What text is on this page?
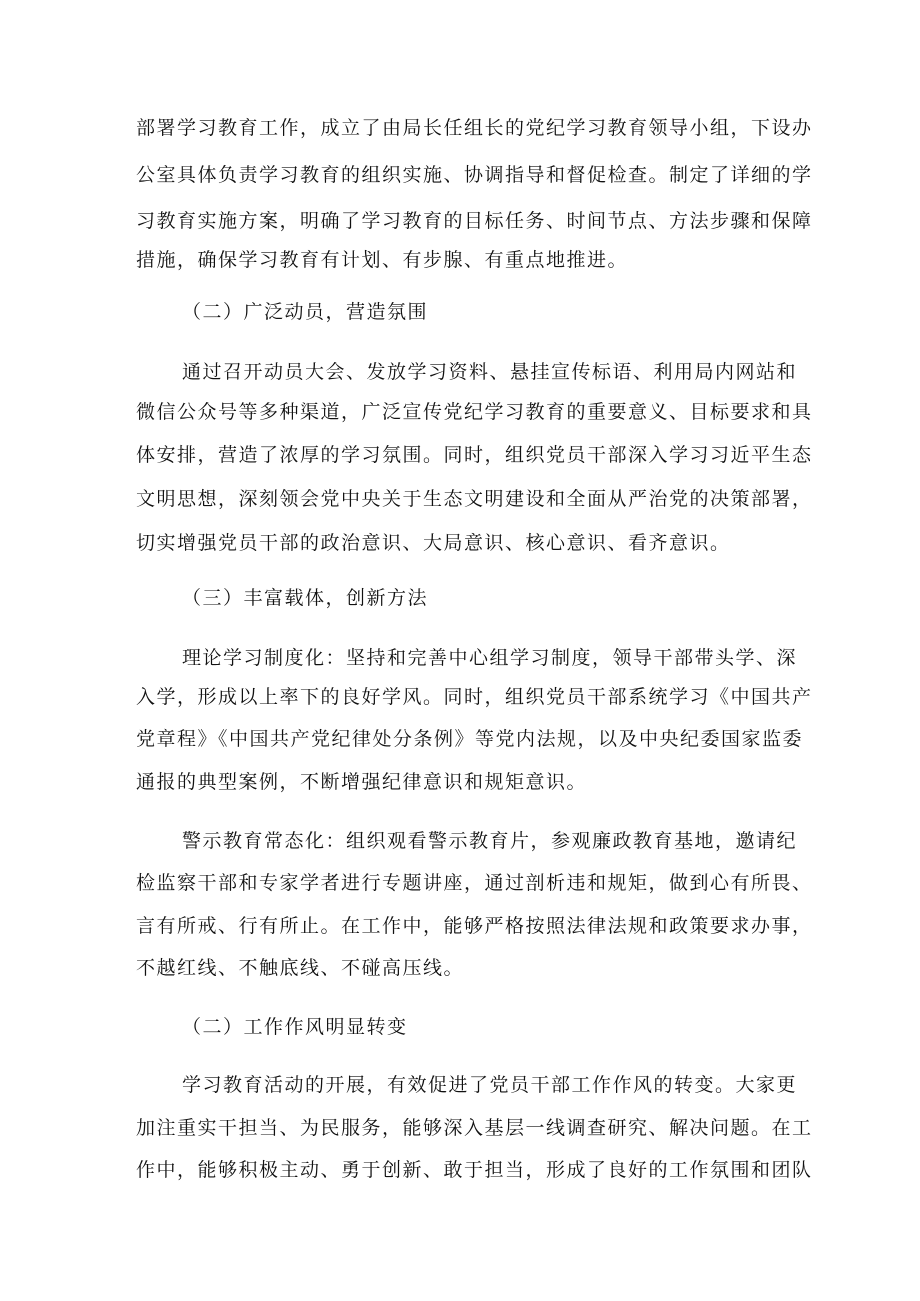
部署学习教育工作，成立了由局长任组长的党纪学习教育领导小组，下设办
公室具体负责学习教育的组织实施、协调指导和督促检查。制定了详细的学
习教育实施方案，明确了学习教育的目标任务、时间节点、方法步骤和保障
措施，确保学习教育有计划、有步腺、有重点地推进。
（二）广泛动员，营造氛围
通过召开动员大会、发放学习资料、悬挂宣传标语、利用局内网站和
微信公众号等多种渠道，广泛宣传党纪学习教育的重要意义、目标要求和具
体安排，营造了浓厚的学习氛围。同时，组织党员干部深入学习习近平生态
文明思想，深刻领会党中央关于生态文明建设和全面从严治党的决策部署，
切实增强党员干部的政治意识、大局意识、核心意识、看齐意识。
（三）丰富载体，创新方法
理论学习制度化：坚持和完善中心组学习制度，领导干部带头学、深
入学，形成以上率下的良好学风。同时，组织党员干部系统学习《中国共产
党章程》《中国共产党纪律处分条例》等党内法规，以及中央纪委国家监委
通报的典型案例，不断增强纪律意识和规矩意识。
警示教育常态化：组织观看警示教育片，参观廉政教育基地，邀请纪
检监察干部和专家学者进行专题讲座，通过剖析违和规矩，做到心有所畏、
言有所戒、行有所止。在工作中，能够严格按照法律法规和政策要求办事，
不越红线、不触底线、不碰高压线。
（二）工作作风明显转变
学习教育活动的开展，有效促进了党员干部工作作风的转变。大家更
加注重实干担当、为民服务，能够深入基层一线调查研究、解决问题。在工
作中，能够积极主动、勇于创新、敢于担当，形成了良好的工作氛围和团队
